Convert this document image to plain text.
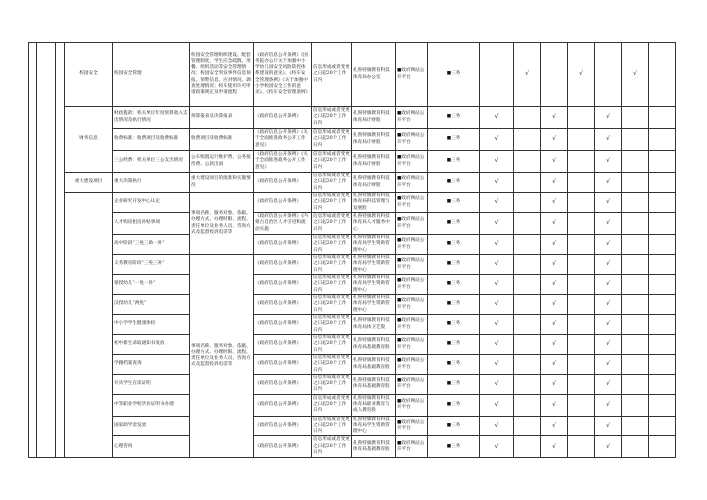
			校园安全	校园安全管理	校园安全管理组织建设、配套管理制度，学生应急疏散、用餐、组织活动等安全管理情况；校园安全突发事件信息预报、预警信息、应对情况，调查处理情况；校车使用许可申请政策规定及申请流程	《政府信息公开条例》《国务院办公厅关于加强中小学幼儿园安全风险防控体系建设的意见》、《校车安全管理条例》《关于加强中小学校园安全工作的意见》、《校车安全管理条例》	信息形成或者变更之日起20个工作日内	扎鲁特旗教育科技体育局办公室	■政府网站公开平台	■三务		√		√		√	
			财务信息	财政拨款：机关单位年度预算收入支出情况及执行情况	预算报表及决算报表	《政府信息公开条例》	信息形成或者变更之日起20个工作日内	扎鲁特旗教育科技体育局计财股	■政府网站公开平台	■三务	√		√		√		
				收费标准：收费项目及收费标准	收费项目及收费标准	《政府信息公开条例》《关于全面推进政务公开工作意见》	信息形成或者变更之日起20个工作日内	扎鲁特旗教育科技体育局计财股	■政府网站公开平台	■三务	√		√		√		
				三公经费：机关单位三公支出情况	公车购置运行维护费、公务接待费、公款出国	《政府信息公开条例》《关于全面推进政务公开工作意见》	信息形成或者变更之日起20个工作日内	扎鲁特旗教育科技体育局计财股	■政府网站公开平台	■三务	√		√		√		
			重大建设项目	重大决策执行	重大建设项目的批准和实施情况	《政府信息公开条例》	信息形成或者变更之日起20个工作日内	扎鲁特旗教育科技体育局计财股	■政府网站公开平台	■三务	√		√		√		
				企业研究开发中心认定	事项名称、服务对象、依据、办理方式、办理时限、流程、责任单位及业务人员、咨询方式及监督投诉电话等	《政府信息公开条例》	信息形成或者变更之日起20个工作日内	扎鲁特旗教育科技体育局科技管理与发展股	■政府网站公开平台	■三务	√		√		√		
				人才购房租房补贴事项		《政府信息公开条例》《内蒙古自治区人才引进和流动实施	信息形成或者变更之日起20个工作日内	扎鲁特旗教育科技体育局人才服务中心	■政府网站公开平台	■三务	√		√		√		
				高中阶段“三免三助一补”		《政府信息公开条例》	信息形成或者变更之日起20个工作日内	扎鲁特旗教育科技体育局学生资助管理中心	■政府网站公开平台	■三务	√		√		√		
				义务教育阶段“三免三补”	事项名称、服务对象、依据、办理方式、办理时限、流程、责任单位及业务人员、咨询方式及监督投诉电话等	《政府信息公开条例》	信息形成或者变更之日起20个工作日内	扎鲁特旗教育科技体育局学生资助管理中心	■政府网站公开平台	■三务	√		√		√		
				蒙授幼儿“一免一补”		《政府信息公开条例》	信息形成或者变更之日起20个工作日内	扎鲁特旗教育科技体育局学生资助管理中心	■政府网站公开平台	■三务	√		√		√		
				汉授幼儿“两免”		《政府信息公开条例》	信息形成或者变更之日起20个工作日内	扎鲁特旗教育科技体育局学生资助管理中心	■政府网站公开平台	■三务	√		√		√		
				中小学学生健康体检		《政府信息公开条例》	信息形成或者变更之日起20个工作日内	扎鲁特旗教育科技体育局体卫艺股	■政府网站公开平台	■三务	√		√		√		
				初中新生录取通知书发放		《政府信息公开条例》	信息形成或者变更之日起20个工作日内	扎鲁特旗教育科技体育局基础教育股	■政府网站公开平台	■三务	√		√		√		
				学籍档案查询		《政府信息公开条例》	信息形成或者变更之日起20个工作日内	扎鲁特旗教育科技体育局基础教育股	■政府网站公开平台	■三务	√		√		√		
				开具学生在读证明		《政府信息公开条例》	信息形成或者变更之日起20个工作日内	扎鲁特旗教育科技体育局基础教育股	■政府网站公开平台	■三务	√		√		√		
				中等职业学校毕业证明书办理		《政府信息公开条例》	信息形成或者变更之日起20个工作日内	扎鲁特旗教育科技体育局职业教育与成人教育股	■政府网站公开平台	■三务	√		√		√		
				国家助学金发放		《政府信息公开条例》	信息形成或者变更之日起20个工作日内	扎鲁特旗教育科技体育局学生资助管理中心	■政府网站公开平台	■三务	√		√		√		
				心理咨询		《政府信息公开条例》	信息形成或者变更之日起20个工作日内	扎鲁特旗教育科技体育局基础教育股	■政府网站公开平台	■三务	√		√		√		
